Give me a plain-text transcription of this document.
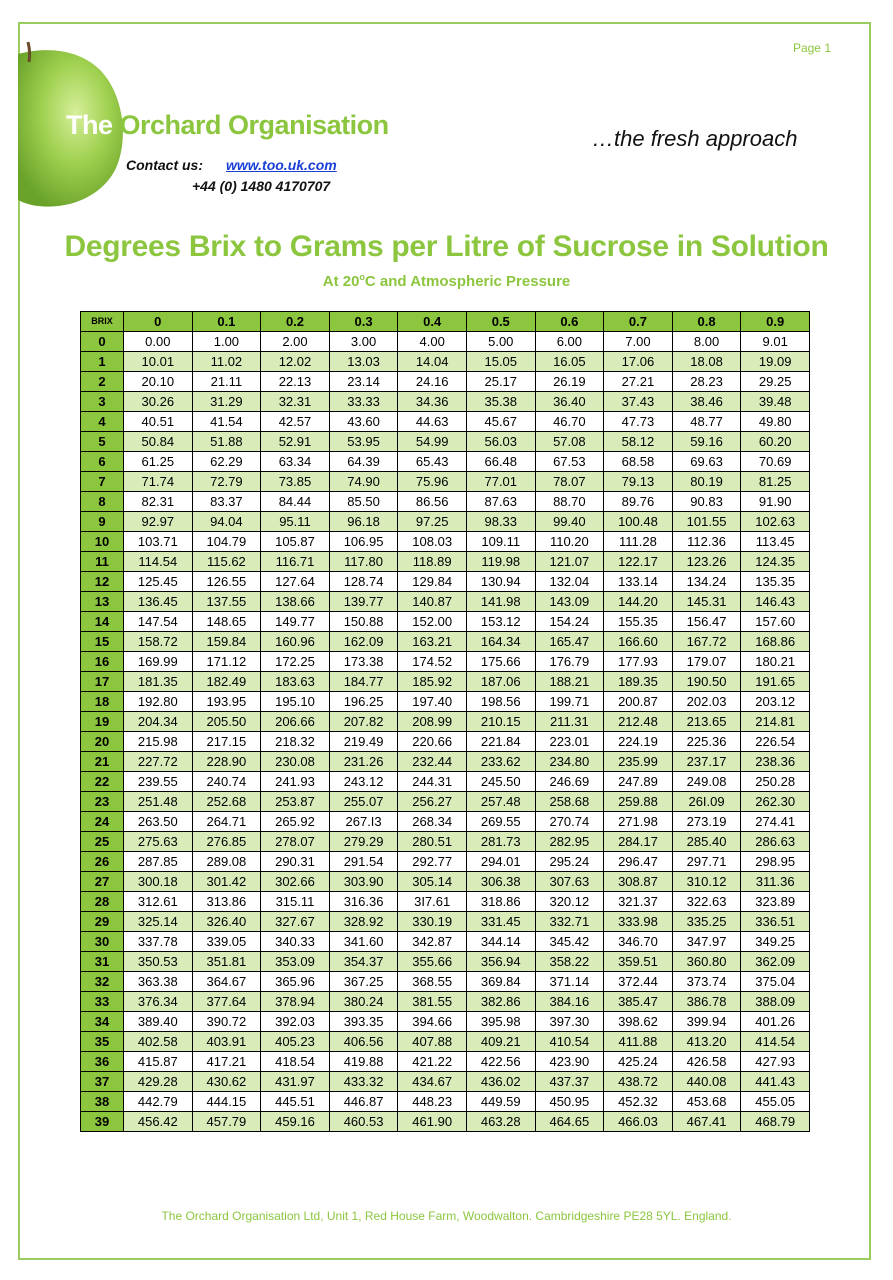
Page 1
The Orchard Organisation
Contact us: www.too.uk.com
+44 (0) 1480 4170707
…the fresh approach
Degrees Brix to Grams per Litre of Sucrose in Solution
At 20$^o$C and Atmospheric Pressure
BRIX	0	0.1	0.2	0.3	0.4	0.5	0.6	0.7	0.8	0.9
0	0.00	1.00	2.00	3.00	4.00	5.00	6.00	7.00	8.00	9.01
1	10.01	11.02	12.02	13.03	14.04	15.05	16.05	17.06	18.08	19.09
2	20.10	21.11	22.13	23.14	24.16	25.17	26.19	27.21	28.23	29.25
3	30.26	31.29	32.31	33.33	34.36	35.38	36.40	37.43	38.46	39.48
4	40.51	41.54	42.57	43.60	44.63	45.67	46.70	47.73	48.77	49.80
5	50.84	51.88	52.91	53.95	54.99	56.03	57.08	58.12	59.16	60.20
6	61.25	62.29	63.34	64.39	65.43	66.48	67.53	68.58	69.63	70.69
7	71.74	72.79	73.85	74.90	75.96	77.01	78.07	79.13	80.19	81.25
8	82.31	83.37	84.44	85.50	86.56	87.63	88.70	89.76	90.83	91.90
9	92.97	94.04	95.11	96.18	97.25	98.33	99.40	100.48	101.55	102.63
10	103.71	104.79	105.87	106.95	108.03	109.11	110.20	111.28	112.36	113.45
11	114.54	115.62	116.71	117.80	118.89	119.98	121.07	122.17	123.26	124.35
12	125.45	126.55	127.64	128.74	129.84	130.94	132.04	133.14	134.24	135.35
13	136.45	137.55	138.66	139.77	140.87	141.98	143.09	144.20	145.31	146.43
14	147.54	148.65	149.77	150.88	152.00	153.12	154.24	155.35	156.47	157.60
15	158.72	159.84	160.96	162.09	163.21	164.34	165.47	166.60	167.72	168.86
16	169.99	171.12	172.25	173.38	174.52	175.66	176.79	177.93	179.07	180.21
17	181.35	182.49	183.63	184.77	185.92	187.06	188.21	189.35	190.50	191.65
18	192.80	193.95	195.10	196.25	197.40	198.56	199.71	200.87	202.03	203.12
19	204.34	205.50	206.66	207.82	208.99	210.15	211.31	212.48	213.65	214.81
20	215.98	217.15	218.32	219.49	220.66	221.84	223.01	224.19	225.36	226.54
21	227.72	228.90	230.08	231.26	232.44	233.62	234.80	235.99	237.17	238.36
22	239.55	240.74	241.93	243.12	244.31	245.50	246.69	247.89	249.08	250.28
23	251.48	252.68	253.87	255.07	256.27	257.48	258.68	259.88	26I.09	262.30
24	263.50	264.71	265.92	267.I3	268.34	269.55	270.74	271.98	273.19	274.41
25	275.63	276.85	278.07	279.29	280.51	281.73	282.95	284.17	285.40	286.63
26	287.85	289.08	290.31	291.54	292.77	294.01	295.24	296.47	297.71	298.95
27	300.18	301.42	302.66	303.90	305.14	306.38	307.63	308.87	310.12	311.36
28	312.61	313.86	315.11	316.36	3I7.61	318.86	320.12	321.37	322.63	323.89
29	325.14	326.40	327.67	328.92	330.19	331.45	332.71	333.98	335.25	336.51
30	337.78	339.05	340.33	341.60	342.87	344.14	345.42	346.70	347.97	349.25
31	350.53	351.81	353.09	354.37	355.66	356.94	358.22	359.51	360.80	362.09
32	363.38	364.67	365.96	367.25	368.55	369.84	371.14	372.44	373.74	375.04
33	376.34	377.64	378.94	380.24	381.55	382.86	384.16	385.47	386.78	388.09
34	389.40	390.72	392.03	393.35	394.66	395.98	397.30	398.62	399.94	401.26
35	402.58	403.91	405.23	406.56	407.88	409.21	410.54	411.88	413.20	414.54
36	415.87	417.21	418.54	419.88	421.22	422.56	423.90	425.24	426.58	427.93
37	429.28	430.62	431.97	433.32	434.67	436.02	437.37	438.72	440.08	441.43
38	442.79	444.15	445.51	446.87	448.23	449.59	450.95	452.32	453.68	455.05
39	456.42	457.79	459.16	460.53	461.90	463.28	464.65	466.03	467.41	468.79
The Orchard Organisation Ltd, Unit 1, Red House Farm, Woodwalton. Cambridgeshire PE28 5YL. England.
